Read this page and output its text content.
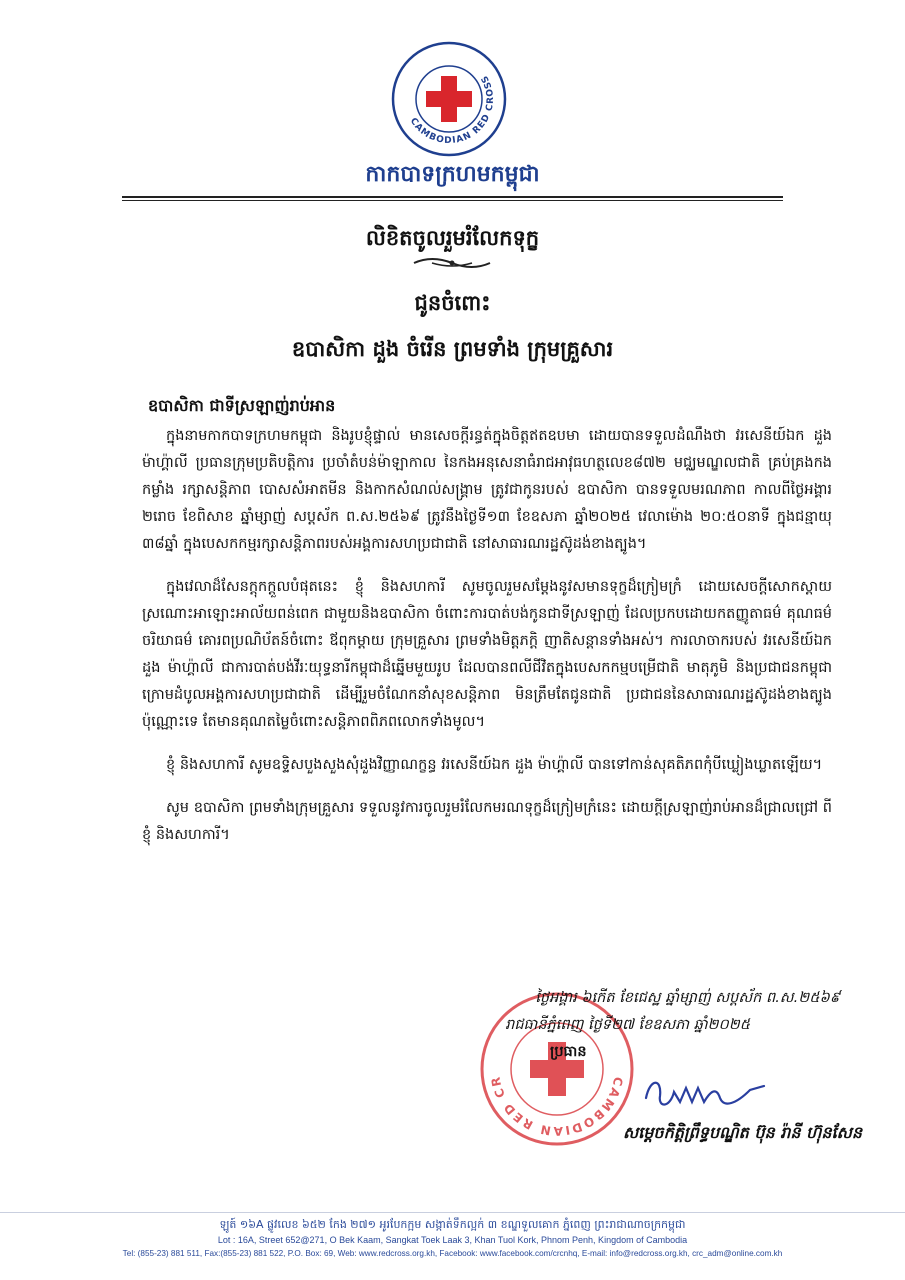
CAMBODIAN RED CROSS
កាកបាទក្រហមកម្ពុជា
លិខិតចូលរួមរំលែកទុក្ខ
ជូនចំពោះ
ឧបាសិកា ដួង ចំរើន ព្រមទាំង ក្រុមគ្រួសារ
ឧបាសិកា ជាទីស្រឡាញ់រាប់អាន

ក្នុងនាមកាកបាទក្រហមកម្ពុជា និងរូបខ្ញុំផ្ទាល់ មានសេចក្ដីរន្ធត់ក្នុងចិត្តឥតឧបមា ដោយបានទទួលដំណឹងថា វរសេនីយ៍ឯក ដួង ម៉ាហ្គ៉ាលី ប្រធានក្រុមប្រតិបត្តិការ ប្រចាំតំបន់ម៉ាឡាកាល នៃកងអនុសេនាធំរាជអាវុធហត្ថលេខ៨៧២ មជ្ឈមណ្ឌលជាតិ គ្រប់គ្រងកងកម្លាំង រក្សាសន្តិភាព បោសសំអាតមីន និងកាកសំណល់សង្គ្រាម ត្រូវជាកូនរបស់ ឧបាសិកា បានទទួលមរណភាព កាលពីថ្ងៃអង្គារ ២រោច ខែពិសាខ ឆ្នាំម្សាញ់ សប្តស័ក ព.ស.២៥៦៩ ត្រូវនឹងថ្ងៃទី១៣ ខែឧសភា ឆ្នាំ២០២៥ វេលាម៉ោង ២០:៥០នាទី ក្នុងជន្មាយុ ៣៨ឆ្នាំ ក្នុងបេសកកម្មរក្សាសន្តិភាពរបស់អង្គការសហប្រជាជាតិ នៅសាធារណរដ្ឋស៊ូដង់ខាងត្បូង។

ក្នុងវេលាដ៏សែនក្តុកក្តួលបំផុតនេះ ខ្ញុំ និងសហការី សូមចូលរួមសម្ដែងនូវសមានទុក្ខដ៏ក្រៀមក្រំ ដោយសេចក្ដីសោកស្ដាយ ស្រណោះអាឡោះអាល័យពន់ពេក ជាមួយនិងឧបាសិកា ចំពោះការបាត់បង់កូនជាទីស្រឡាញ់ ដែលប្រកបដោយកតញ្ញូតាធម៌ គុណធម៌ ចរិយាធម៌ គោរពប្រណិប័តន៍ចំពោះ ឪពុកម្ដាយ ក្រុមគ្រួសារ ព្រមទាំងមិត្តភក្តិ ញាតិសន្តានទាំងអស់។ ការលាចាករបស់ វរសេនីយ៍ឯក ដួង ម៉ាហ្គ៉ាលី ជាការបាត់បង់វីរៈយុទ្ធនារីកម្ពុជាដ៏ឆ្នើមមួយរូប ដែលបានពលីជីវិតក្នុងបេសកកម្មបម្រើជាតិ មាតុភូមិ និងប្រជាជនកម្ពុជា ក្រោមដំបូលអង្គការសហប្រជាជាតិ ដើម្បីរួមចំណែកនាំសុខសន្តិភាព មិនត្រឹមតែជូនជាតិ ប្រជាជននៃសាធារណរដ្ឋស៊ូដង់ខាងត្បូងប៉ុណ្ណោះទេ តែមានគុណតម្លៃចំពោះសន្តិភាពពិភពលោកទាំងមូល។

ខ្ញុំ និងសហការី សូមឧទ្ទិសបួងសួងសុំដួងវិញ្ញាណក្ខន្ធ វរសេនីយ៍ឯក ដួង ម៉ាហ្គ៉ាលី បានទៅកាន់សុគតិភពកុំបីឃ្លៀងឃ្លាតឡើយ។

សូម ឧបាសិកា ព្រមទាំងក្រុមគ្រួសារ ទទួលនូវការចូលរួមរំលែកមរណទុក្ខដ៏ក្រៀមក្រំនេះ ដោយក្ដីស្រឡាញ់រាប់អានដ៏ជ្រាលជ្រៅ ពីខ្ញុំ និងសហការី។

CAMBODIAN RED CR
ថ្ងៃអង្គារ ៦កើត ខែជេស្ឋ ឆ្នាំម្សាញ់ សប្តស័ក ព.ស.២៥៦៩
រាជធានីភ្នំពេញ ថ្ងៃទី២៧ ខែឧសភា ឆ្នាំ២០២៥
ប្រធាន
សម្តេចកិត្តិព្រឹទ្ធបណ្ឌិត ប៊ុន រ៉ានី ហ៊ុនសែន
ឡូត៍ ១៦A ផ្លូវលេខ ៦៥២ កែង ២៧១ អូរបែកក្អម សង្កាត់ទឹកល្អក់ ៣ ខណ្ឌទួលគោក ភ្នំពេញ ព្រះរាជាណាចក្រកម្ពុជា
Lot : 16A, Street 652@271, O Bek Kaam, Sangkat Toek Laak 3, Khan Tuol Kork, Phnom Penh, Kingdom of Cambodia
Tel: (855-23) 881 511, Fax:(855-23) 881 522, P.O. Box: 69, Web: www.redcross.org.kh, Facebook: www.facebook.com/crcnhq, E-mail: info@redcross.org.kh, crc_adm@online.com.kh
